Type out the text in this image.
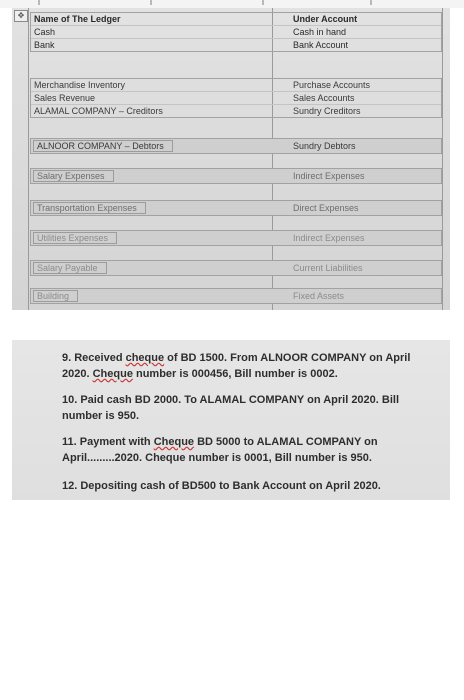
✥	Name of The Ledger	Under Account
Cash	Cash in hand
Bank	Bank Account
Merchandise Inventory	Purchase Accounts
Sales Revenue	Sales Accounts
ALAMAL COMPANY – Creditors	Sundry Creditors
ALNOOR COMPANY – Debtors	Sundry Debtors
Salary Expenses	Indirect Expenses
Transportation Expenses	Direct Expenses
Utilities Expenses	Indirect Expenses
Salary Payable	Current Liabilities
Building	Fixed Assets
9. Received cheque of BD 1500. From ALNOOR COMPANY on April
2020. Cheque number is 000456, Bill number is 0002.
10. Paid cash BD 2000. To ALAMAL COMPANY on April 2020. Bill
number is 950.
11. Payment with Cheque BD 5000 to ALAMAL COMPANY on
April.........2020. Cheque number is 0001, Bill number is 950.
12. Depositing cash of BD500 to Bank Account on April 2020.
